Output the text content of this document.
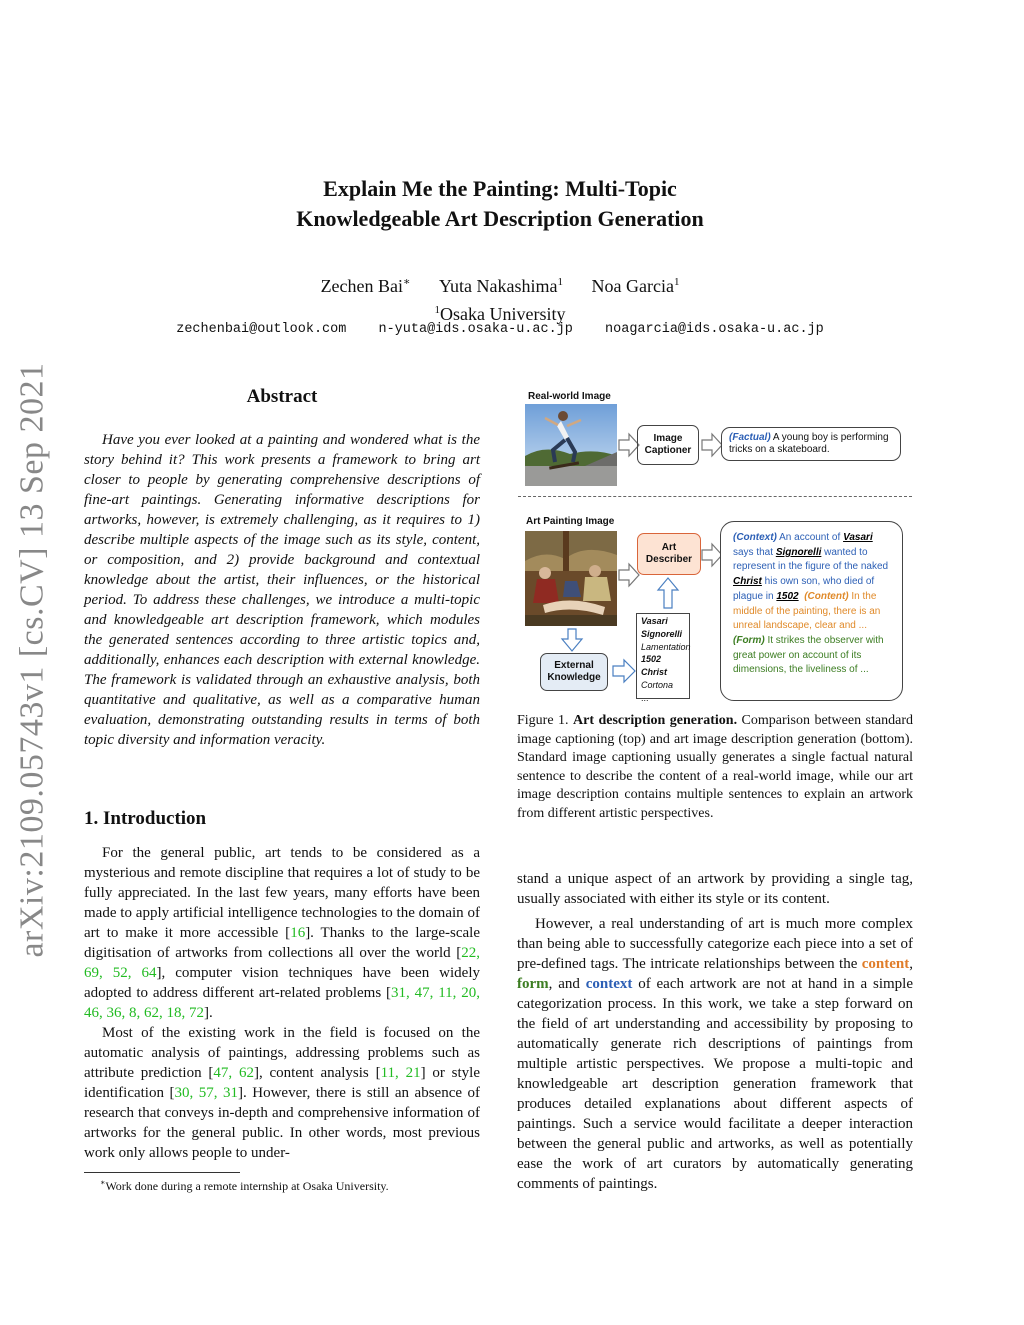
arXiv:2109.05743v1 [cs.CV] 13 Sep 2021
Explain Me the Painting: Multi-Topic
Knowledgeable Art Description Generation
Zechen Bai∗ Yuta Nakashima$^1$ Noa Garcia$^1$
$^1$Osaka University
zechenbai@outlook.com n-yuta@ids.osaka-u.ac.jp noagarcia@ids.osaka-u.ac.jp
Abstract
Have you ever looked at a painting and wondered what is the story behind it? This work presents a framework to bring art closer to people by generating comprehensive descriptions of fine-art paintings. Generating informative descriptions for artworks, however, is extremely challenging, as it requires to 1) describe multiple aspects of the image such as its style, content, or composition, and 2) provide background and contextual knowledge about the artist, their influences, or the historical period. To address these challenges, we introduce a multi-topic and knowledgeable art description framework, which modules the generated sentences according to three artistic topics and, additionally, enhances each description with external knowledge. The framework is validated through an exhaustive analysis, both quantitative and qualitative, as well as a comparative human evaluation, demonstrating outstanding results in terms of both topic diversity and information veracity.
1. Introduction
For the general public, art tends to be considered as a mysterious and remote discipline that requires a lot of study to be fully appreciated. In the last few years, many efforts have been made to apply artificial intelligence technologies to the domain of art to make it more accessible [16]. Thanks to the large-scale digitisation of artworks from collections all over the world [22, 69, 52, 64], computer vision techniques have been widely adopted to address different art-related problems [31, 47, 11, 20, 46, 36, 8, 62, 18, 72].
Most of the existing work in the field is focused on the automatic analysis of paintings, addressing problems such as attribute prediction [47, 62], content analysis [11, 21] or style identification [30, 57, 31]. However, there is still an absence of research that conveys in-depth and comprehensive information of artworks for the general public. In other words, most previous work only allows people to under-
∗Work done during a remote internship at Osaka University.
stand a unique aspect of an artwork by providing a single tag, usually associated with either its style or its content.
However, a real understanding of art is much more complex than being able to successfully categorize each piece into a set of pre-defined tags. The intricate relationships between the content, form, and context of each artwork are not at hand in a simple categorization process. In this work, we take a step forward on the field of art understanding and accessibility by proposing to automatically generate rich descriptions of paintings from multiple artistic perspectives. We propose a multi-topic and knowledgeable art description generation framework that produces detailed explanations about different aspects of paintings. Such a service would facilitate a deeper interaction between the general public and artworks, as well as potentially ease the work of art curators by automatically generating comments of paintings.
Real-world Image
Image
Captioner
(Factual) A young boy is performing tricks on a skateboard.
Art Painting Image
Art
Describer
External
Knowledge
Vasari
Signorelli
Lamentation
1502
Christ
Cortona
...
(Context) An account of Vasari says that Signorelli wanted to represent in the figure of the naked Christ his own son, who died of plague in 1502 (Content) In the middle of the painting, there is an unreal landscape, clear and ... (Form) It strikes the observer with great power on account of its dimensions, the liveliness of ...
Figure 1. Art description generation. Comparison between standard image captioning (top) and art image description generation (bottom). Standard image captioning usually generates a single factual natural sentence to describe the content of a real-world image, while our art image description contains multiple sentences to explain an artwork from different artistic perspectives.
